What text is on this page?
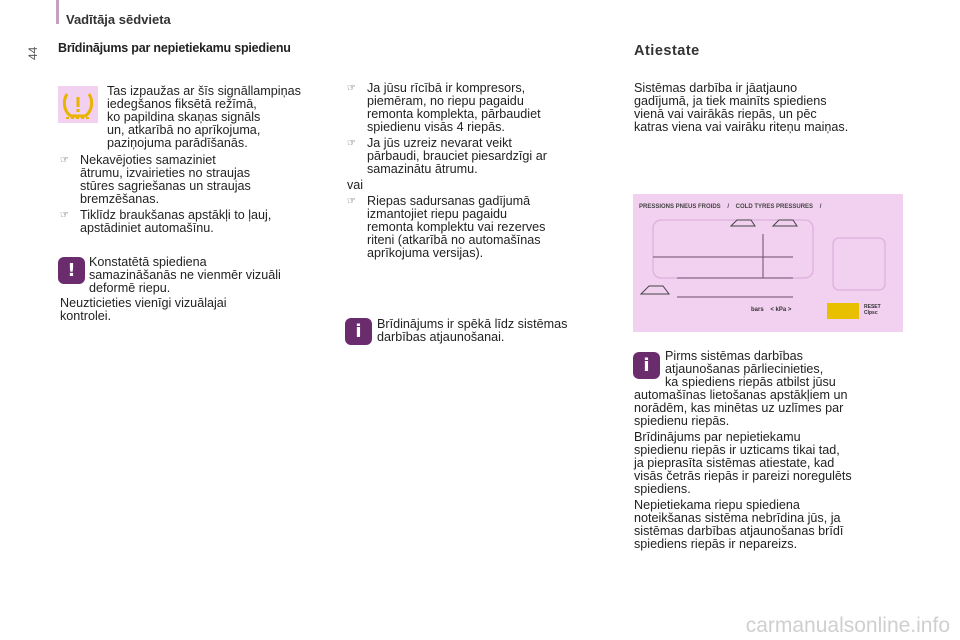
Vadītāja sēdvieta
44 Brīdinājums par nepietiekamu spiedienu

Tas izpaužas ar šīs signāllampiņas

iedegšanos fiksētā režīmā,

ko papildina skaņas signāls

un, atkarībā no aprīkojuma,

paziņojuma parādīšanās.

☞ Nekavējoties samaziniet

ātrumu, izvairieties no straujas

stūres sagriešanas un straujas

bremzēšanas.

☞ Tiklīdz braukšanas apstākļi to ļauj,

apstādiniet automašīnu.

!	Konstatētā spiediena

samazināšanās ne vienmēr vizuāli

deformē riepu.

Neuzticieties vienīgi vizuālajai

kontrolei.

☞ Ja jūsu rīcībā ir kompresors,

piemēram, no riepu pagaidu

remonta komplekta, pārbaudiet

spiedienu visās 4 riepās.

☞ Ja jūs uzreiz nevarat veikt

pārbaudi, brauciet piesardzīgi ar

samazinātu ātrumu.

vai

☞ Riepas sadursanas gadījumā

izmantojiet riepu pagaidu

remonta komplektu vai rezerves

riteni (atkarībā no automašīnas

aprīkojuma versijas).

i	Brīdinājums ir spēkā līdz sistēmas

darbības atjaunošanai.

Atiestate

Sistēmas darbība ir jāatjauno

gadījumā, ja tiek mainīts spiediens

vienā vai vairākās riepās, un pēc

katras viena vai vairāku riteņu maiņas.

PRESSIONS PNEUS FROIDS    /    COLD TYRES PRESSURES    /
bars    < kPa >	RESET
Clpsc
i	Pirms sistēmas darbības

atjaunošanas pārliecinieties,

ka spiediens riepās atbilst jūsu

automašīnas lietošanas apstākļiem un

norādēm, kas minētas uz uzlīmes par

spiedienu riepās.

Brīdinājums par nepietiekamu

spiedienu riepās ir uzticams tikai tad,

ja pieprasīta sistēmas atiestate, kad

visās četrās riepās ir pareizi noregulēts

spiediens.

Nepietiekama riepu spiediena

noteikšanas sistēma nebrīdina jūs, ja

sistēmas darbības atjaunošanas brīdī

spiediens riepās ir nepareizs.

carmanualsonline.info
